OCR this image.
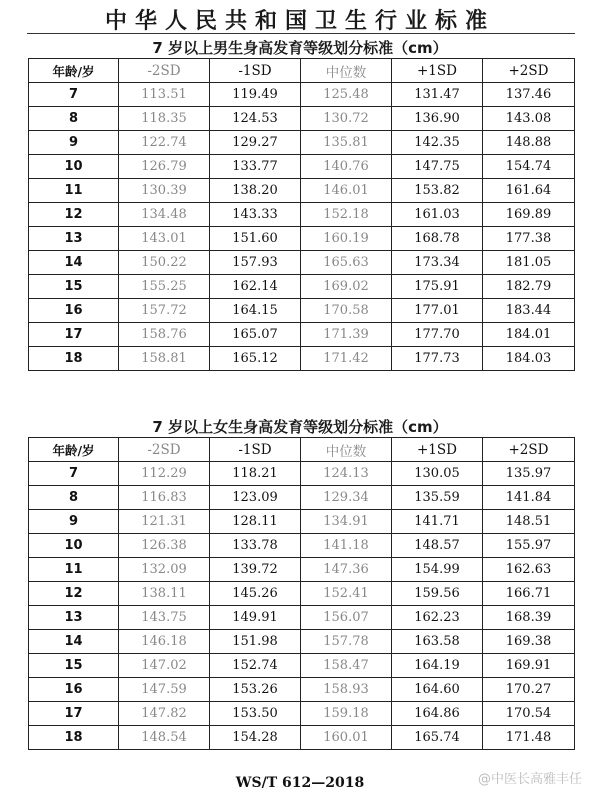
中华人民共和国卫生行业标准
7 岁以上男生身高发育等级划分标准（cm）
年龄/岁	-2SD	-1SD	中位数	+1SD	+2SD
7	113.51	119.49	125.48	131.47	137.46
8	118.35	124.53	130.72	136.90	143.08
9	122.74	129.27	135.81	142.35	148.88
10	126.79	133.77	140.76	147.75	154.74
11	130.39	138.20	146.01	153.82	161.64
12	134.48	143.33	152.18	161.03	169.89
13	143.01	151.60	160.19	168.78	177.38
14	150.22	157.93	165.63	173.34	181.05
15	155.25	162.14	169.02	175.91	182.79
16	157.72	164.15	170.58	177.01	183.44
17	158.76	165.07	171.39	177.70	184.01
18	158.81	165.12	171.42	177.73	184.03
7 岁以上女生身高发育等级划分标准（cm）
年龄/岁	-2SD	-1SD	中位数	+1SD	+2SD
7	112.29	118.21	124.13	130.05	135.97
8	116.83	123.09	129.34	135.59	141.84
9	121.31	128.11	134.91	141.71	148.51
10	126.38	133.78	141.18	148.57	155.97
11	132.09	139.72	147.36	154.99	162.63
12	138.11	145.26	152.41	159.56	166.71
13	143.75	149.91	156.07	162.23	168.39
14	146.18	151.98	157.78	163.58	169.38
15	147.02	152.74	158.47	164.19	169.91
16	147.59	153.26	158.93	164.60	170.27
17	147.82	153.50	159.18	164.86	170.54
18	148.54	154.28	160.01	165.74	171.48
WS/T 612—2018	@中医长高雅丰任
